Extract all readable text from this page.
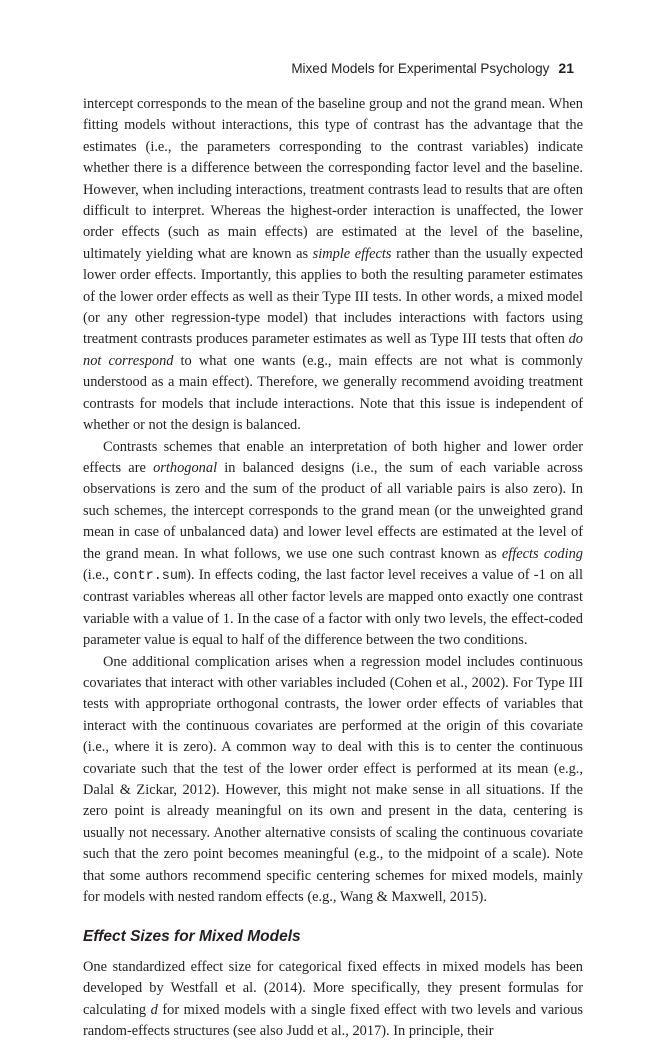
Mixed Models for Experimental Psychology 21

intercept corresponds to the mean of the baseline group and not the grand mean. When fitting models without interactions, this type of contrast has the advantage that the estimates (i.e., the parameters corresponding to the contrast variables) indicate whether there is a difference between the corresponding factor level and the baseline. However, when including interactions, treatment contrasts lead to results that are often difficult to interpret. Whereas the highest-order interaction is unaffected, the lower order effects (such as main effects) are estimated at the level of the baseline, ultimately yielding what are known as simple effects rather than the usually expected lower order effects. Importantly, this applies to both the resulting parameter estimates of the lower order effects as well as their Type III tests. In other words, a mixed model (or any other regression-type model) that includes interactions with factors using treatment contrasts produces parameter estimates as well as Type III tests that often do not correspond to what one wants (e.g., main effects are not what is commonly understood as a main effect). Therefore, we generally recommend avoiding treatment contrasts for models that include interactions. Note that this issue is independent of whether or not the design is balanced.

Contrasts schemes that enable an interpretation of both higher and lower order effects are orthogonal in balanced designs (i.e., the sum of each variable across observations is zero and the sum of the product of all variable pairs is also zero). In such schemes, the intercept corresponds to the grand mean (or the unweighted grand mean in case of unbalanced data) and lower level effects are estimated at the level of the grand mean. In what follows, we use one such contrast known as effects coding (i.e., contr.sum). In effects coding, the last factor level receives a value of -1 on all contrast variables whereas all other factor levels are mapped onto exactly one contrast variable with a value of 1. In the case of a factor with only two levels, the effect-coded parameter value is equal to half of the difference between the two conditions.

One additional complication arises when a regression model includes continuous covariates that interact with other variables included (Cohen et al., 2002). For Type III tests with appropriate orthogonal contrasts, the lower order effects of variables that interact with the continuous covariates are performed at the origin of this covariate (i.e., where it is zero). A common way to deal with this is to center the continuous covariate such that the test of the lower order effect is performed at its mean (e.g., Dalal & Zickar, 2012). However, this might not make sense in all situations. If the zero point is already meaningful on its own and present in the data, centering is usually not necessary. Another alternative consists of scaling the continuous covariate such that the zero point becomes meaningful (e.g., to the midpoint of a scale). Note that some authors recommend specific centering schemes for mixed models, mainly for models with nested random effects (e.g., Wang & Maxwell, 2015).

Effect Sizes for Mixed Models

One standardized effect size for categorical fixed effects in mixed models has been developed by Westfall et al. (2014). More specifically, they present formulas for calculating d for mixed models with a single fixed effect with two levels and various random-effects structures (see also Judd et al., 2017). In principle, their
